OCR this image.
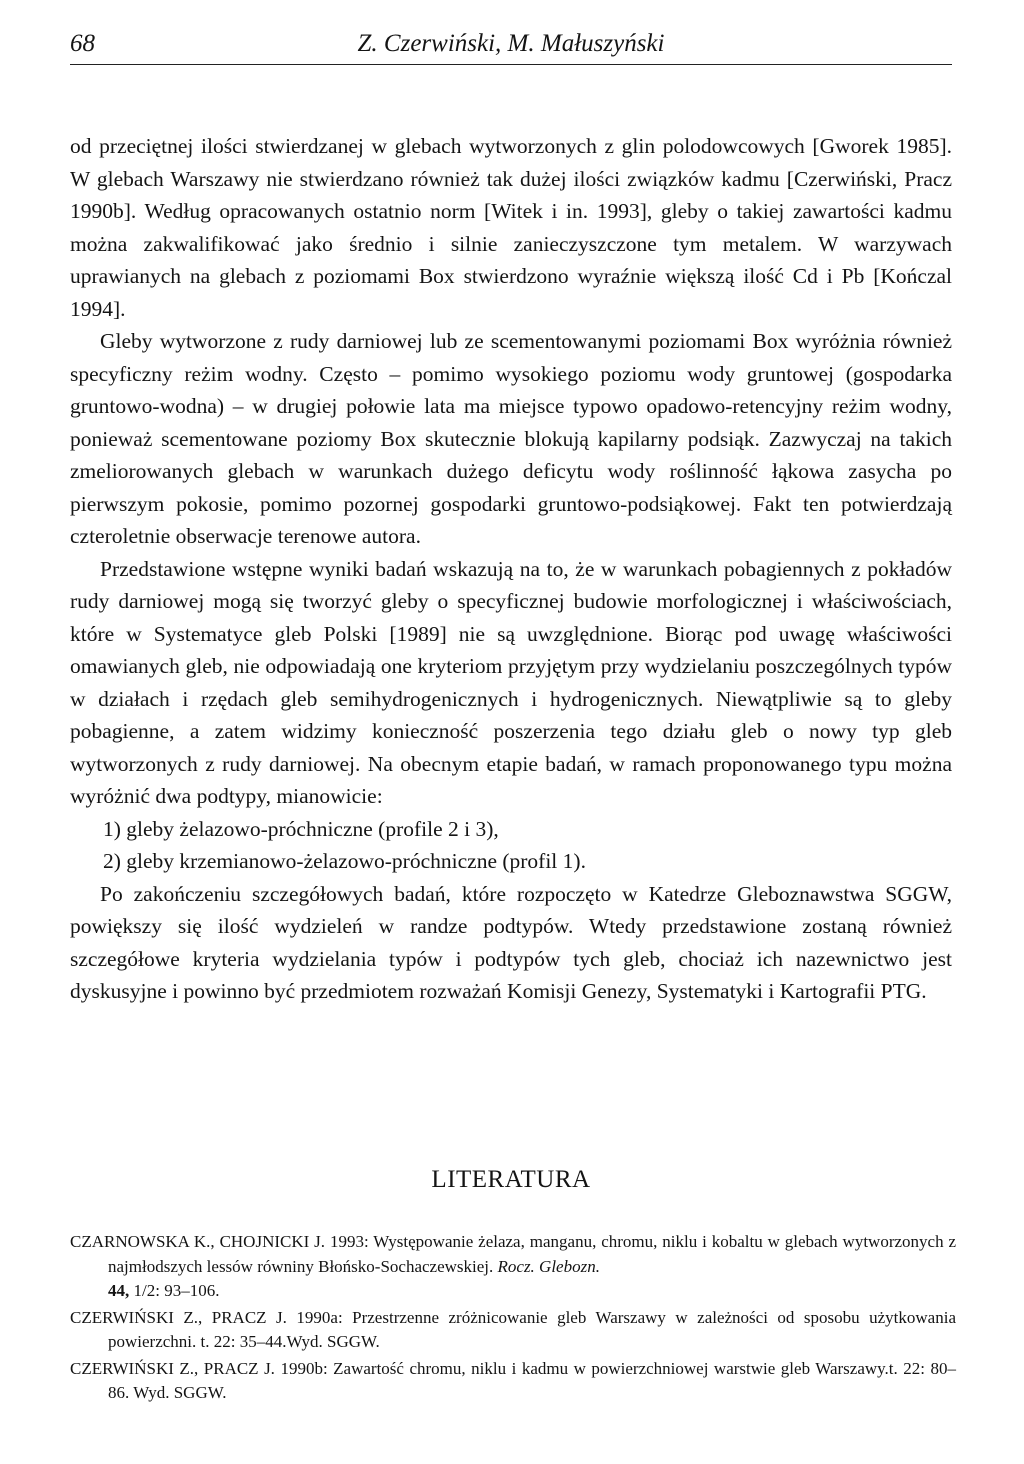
68	Z. Czerwiński, M. Małuszyński

od przeciętnej ilości stwierdzanej w glebach wytworzonych z glin polodowcowych [Gworek 1985]. W glebach Warszawy nie stwierdzano również tak dużej ilości związków kadmu [Czerwiński, Pracz 1990b]. Według opracowanych ostatnio norm [Witek i in. 1993], gleby o takiej zawartości kadmu można zakwalifikować jako średnio i silnie zanieczyszczone tym metalem. W warzywach uprawianych na glebach z poziomami Box stwierdzono wyraźnie większą ilość Cd i Pb [Kończal 1994].

Gleby wytworzone z rudy darniowej lub ze scementowanymi poziomami Box wyróżnia również specyficzny reżim wodny. Często – pomimo wysokiego poziomu wody gruntowej (gospodarka gruntowo-wodna) – w drugiej połowie lata ma miejsce typowo opadowo-retencyjny reżim wodny, ponieważ scementowane poziomy Box skutecznie blokują kapilarny podsiąk. Zazwyczaj na takich zmeliorowanych glebach w warunkach dużego deficytu wody roślinność łąkowa zasycha po pierwszym pokosie, pomimo pozornej gospodarki gruntowo-podsiąkowej. Fakt ten potwierdzają czteroletnie obserwacje terenowe autora.

Przedstawione wstępne wyniki badań wskazują na to, że w warunkach pobagiennych z pokładów rudy darniowej mogą się tworzyć gleby o specyficznej budowie morfologicznej i właściwościach, które w Systematyce gleb Polski [1989] nie są uwzględnione. Biorąc pod uwagę właściwości omawianych gleb, nie odpowiadają one kryteriom przyjętym przy wydzielaniu poszczególnych typów w działach i rzędach gleb semihydrogenicznych i hydrogenicznych. Niewątpliwie są to gleby pobagienne, a zatem widzimy konieczność poszerzenia tego działu gleb o nowy typ gleb wytworzonych z rudy darniowej. Na obecnym etapie badań, w ramach proponowanego typu można wyróżnić dwa podtypy, mianowicie:

1) gleby żelazowo-próchniczne (profile 2 i 3),

2) gleby krzemianowo-żelazowo-próchniczne (profil 1).

Po zakończeniu szczegółowych badań, które rozpoczęto w Katedrze Gleboznawstwa SGGW, powiększy się ilość wydzieleń w randze podtypów. Wtedy przedstawione zostaną również szczegółowe kryteria wydzielania typów i podtypów tych gleb, chociaż ich nazewnictwo jest dyskusyjne i powinno być przedmiotem rozważań Komisji Genezy, Systematyki i Kartografii PTG.

LITERATURA

CZARNOWSKA K., CHOJNICKI J. 1993: Występowanie żelaza, manganu, chromu, niklu i kobaltu w glebach wytworzonych z najmłodszych lessów równiny Błońsko-Sochaczewskiej. Rocz. Glebozn.
44, 1/2: 93–106.

CZERWIŃSKI Z., PRACZ J. 1990a: Przestrzenne zróżnicowanie gleb Warszawy w zależności od sposobu użytkowania powierzchni. t. 22: 35–44.Wyd. SGGW.

CZERWIŃSKI Z., PRACZ J. 1990b: Zawartość chromu, niklu i kadmu w powierzchniowej warstwie gleb Warszawy.t. 22: 80–86. Wyd. SGGW.
